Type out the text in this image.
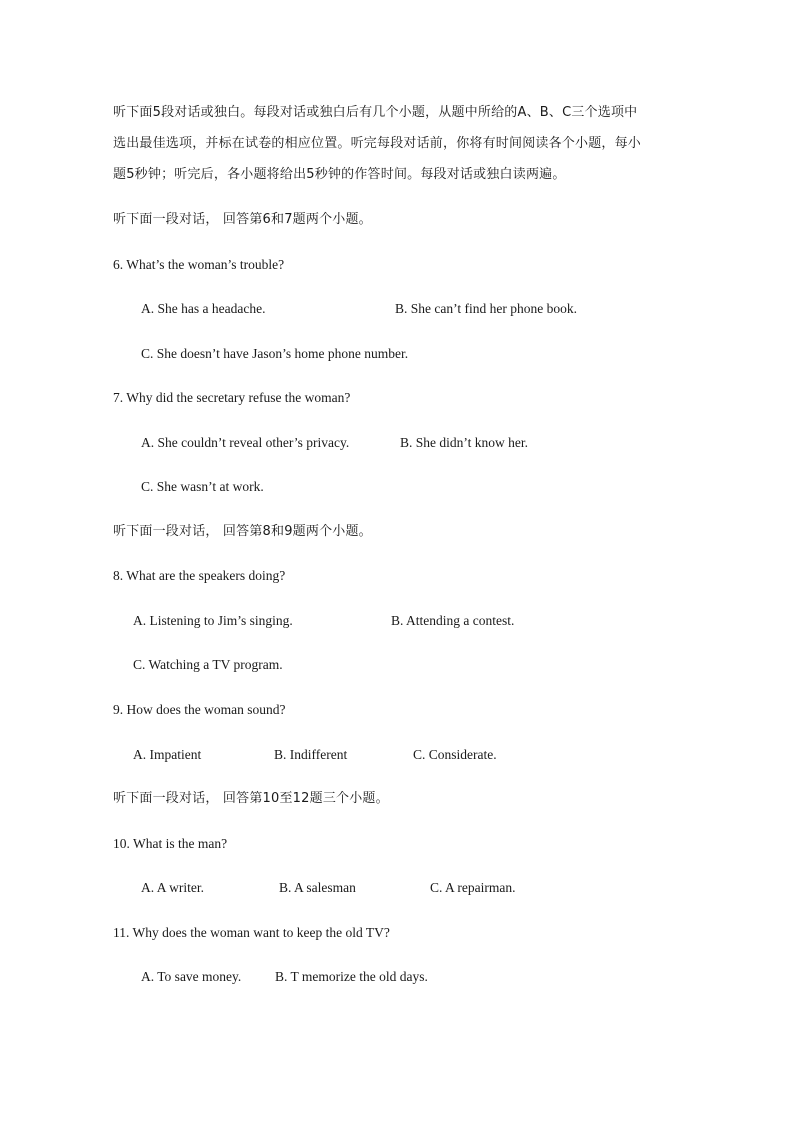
听下面5段对话或独白。每段对话或独白后有几个小题，从题中所给的A、B、C三个选项中
选出最佳选项，并标在试卷的相应位置。听完每段对话前，你将有时间阅读各个小题，每小
题5秒钟；听完后，各小题将给出5秒钟的作答时间。每段对话或独白读两遍。
听下面一段对话， 回答第6和7题两个小题。
6. What’s the woman’s trouble?
A. She has a headache.	B. She can’t find her phone book.
C. She doesn’t have Jason’s home phone number.
7. Why did the secretary refuse the woman?
A. She couldn’t reveal other’s privacy.	B. She didn’t know her.
C. She wasn’t at work.
听下面一段对话， 回答第8和9题两个小题。
8. What are the speakers doing?
A. Listening to Jim’s singing.	B. Attending a contest.
C. Watching a TV program.
9. How does the woman sound?
A. Impatient	B. Indifferent	C. Considerate.
听下面一段对话， 回答第10至12题三个小题。
10. What is the man?
A. A writer.	B. A salesman	C. A repairman.
11. Why does the woman want to keep the old TV?
A. To save money. B. T memorize the old days.
